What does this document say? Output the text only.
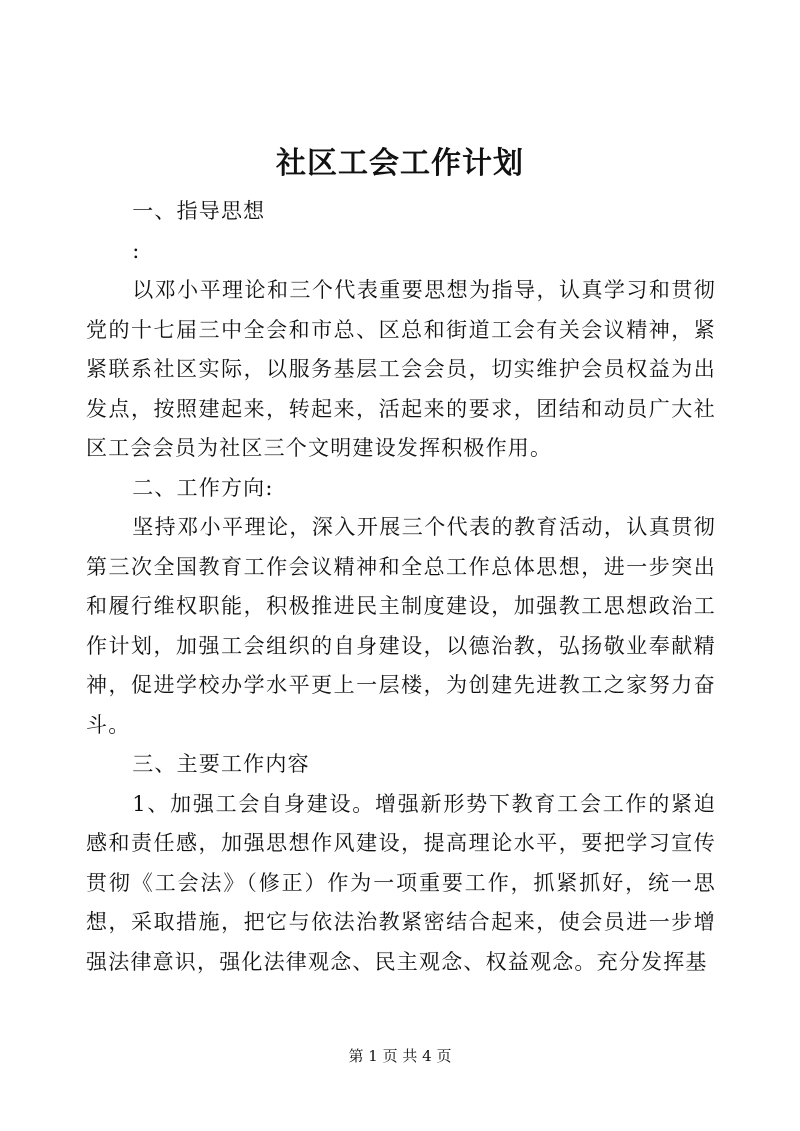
社区工会工作计划

一、指导思想

:

以邓小平理论和三个代表重要思想为指导，认真学习和贯彻党的十七届三中全会和市总、区总和街道工会有关会议精神，紧紧联系社区实际，以服务基层工会会员，切实维护会员权益为出发点，按照建起来，转起来，活起来的要求，团结和动员广大社区工会会员为社区三个文明建设发挥积极作用。

二、工作方向:

坚持邓小平理论，深入开展三个代表的教育活动，认真贯彻第三次全国教育工作会议精神和全总工作总体思想，进一步突出和履行维权职能，积极推进民主制度建设，加强教工思想政治工作计划，加强工会组织的自身建设，以德治教，弘扬敬业奉献精神，促进学校办学水平更上一层楼，为创建先进教工之家努力奋斗。

三、主要工作内容

1、加强工会自身建设。增强新形势下教育工会工作的紧迫感和责任感，加强思想作风建设，提高理论水平，要把学习宣传贯彻《工会法》（修正）作为一项重要工作，抓紧抓好，统一思想，采取措施，把它与依法治教紧密结合起来，使会员进一步增强法律意识，强化法律观念、民主观念、权益观念。充分发挥基

第 1 页 共 4 页
